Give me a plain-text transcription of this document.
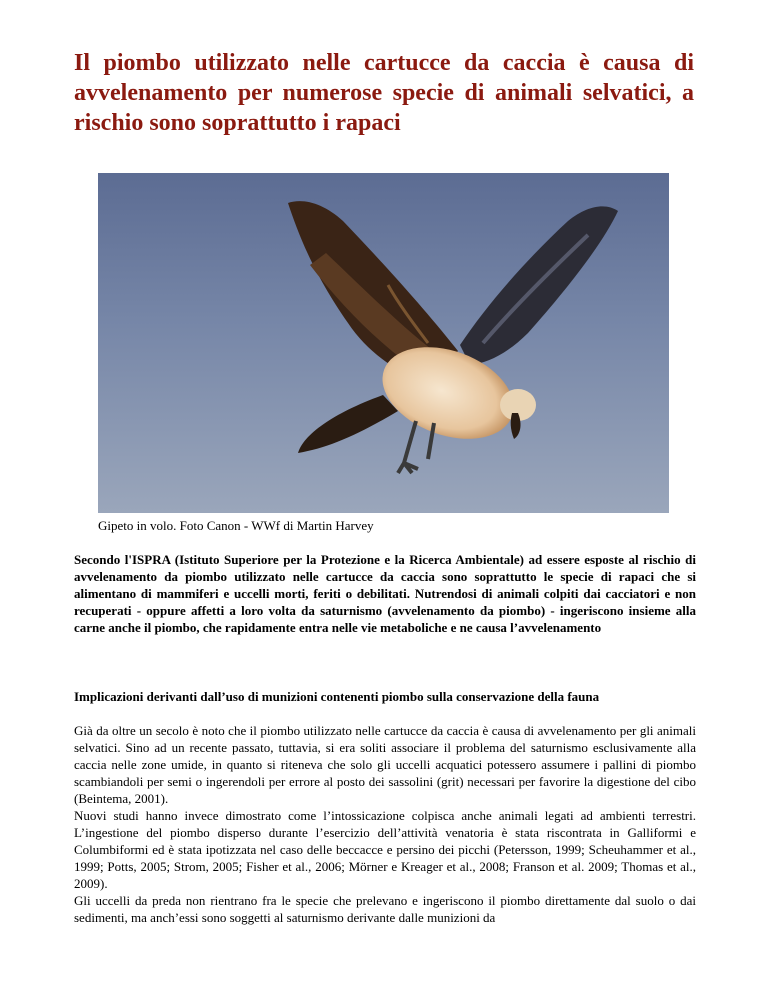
Il piombo utilizzato nelle cartucce da caccia è causa di avvelenamento per numerose specie di animali selvatici, a rischio sono soprattutto i rapaci

Gipeto in volo. Foto Canon - WWf di Martin Harvey

Secondo l'ISPRA (Istituto Superiore per la Protezione e la Ricerca Ambientale) ad essere esposte al rischio di avvelenamento da piombo utilizzato nelle cartucce da caccia sono soprattutto le specie di rapaci che si alimentano di mammiferi e uccelli morti, feriti o debilitati. Nutrendosi di animali colpiti dai cacciatori e non recuperati - oppure affetti a loro volta da saturnismo (avvelenamento da piombo) - ingeriscono insieme alla carne anche il piombo, che rapidamente entra nelle vie metaboliche e ne causa l’avvelenamento

Implicazioni derivanti dall’uso di munizioni contenenti piombo sulla conservazione della fauna

Già da oltre un secolo è noto che il piombo utilizzato nelle cartucce da caccia è causa di avvelenamento per gli animali selvatici. Sino ad un recente passato, tuttavia, si era soliti associare il problema del saturnismo esclusivamente alla caccia nelle zone umide, in quanto si riteneva che solo gli uccelli acquatici potessero assumere i pallini di piombo scambiandoli per semi o ingerendoli per errore al posto dei sassolini (grit) necessari per favorire la digestione del cibo (Beintema, 2001).

Nuovi studi hanno invece dimostrato come l’intossicazione colpisca anche animali legati ad ambienti terrestri. L’ingestione del piombo disperso durante l’esercizio dell’attività venatoria è stata riscontrata in Galliformi e Columbiformi ed è stata ipotizzata nel caso delle beccacce e persino dei picchi (Petersson, 1999; Scheuhammer et al., 1999; Potts, 2005; Strom, 2005; Fisher et al., 2006; Mörner e Kreager et al., 2008; Franson et al. 2009; Thomas et al., 2009).

Gli uccelli da preda non rientrano fra le specie che prelevano e ingeriscono il piombo direttamente dal suolo o dai sedimenti, ma anch’essi sono soggetti al saturnismo derivante dalle munizioni da
